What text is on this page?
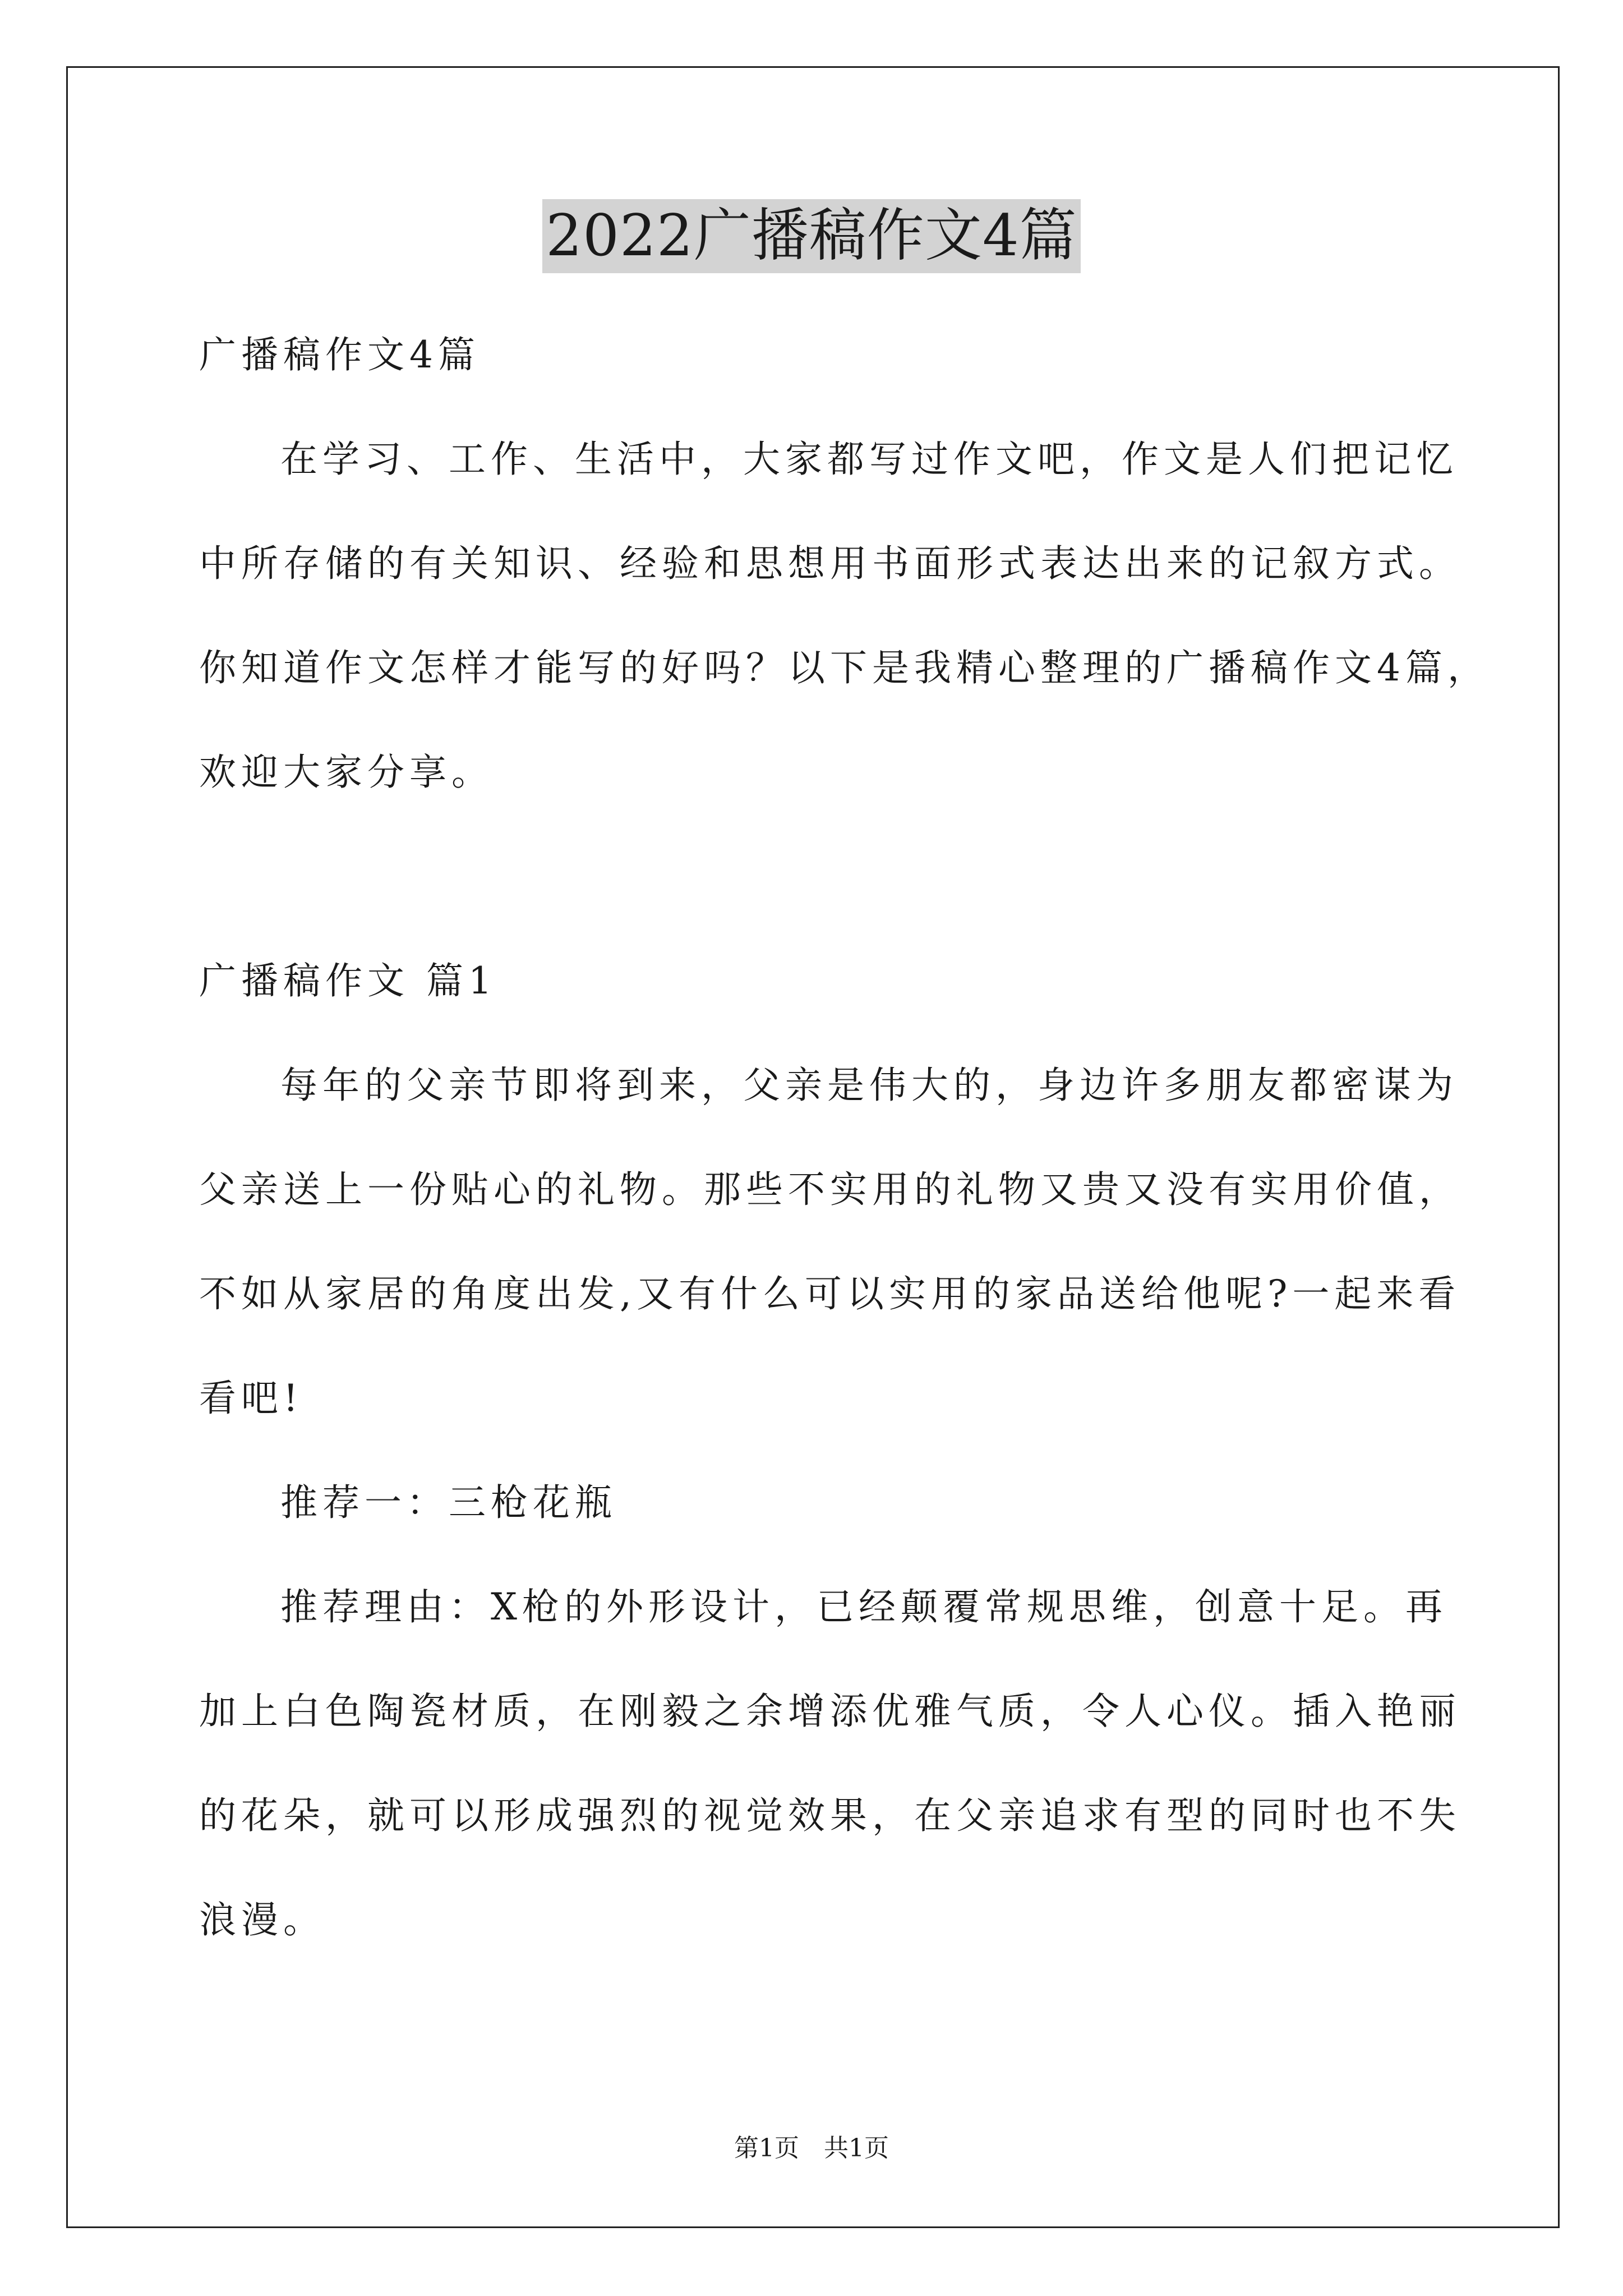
2022广播稿作文4篇
广播稿作文4篇
在学习、工作、生活中，大家都写过作文吧，作文是人们把记忆
中所存储的有关知识、经验和思想用书面形式表达出来的记叙方式。
你知道作文怎样才能写的好吗？以下是我精心整理的广播稿作文4篇，
欢迎大家分享。
广播稿作文 篇1
每年的父亲节即将到来，父亲是伟大的，身边许多朋友都密谋为
父亲送上一份贴心的礼物。那些不实用的礼物又贵又没有实用价值，
不如从家居的角度出发,又有什么可以实用的家品送给他呢?一起来看
看吧!
推荐一：三枪花瓶
推荐理由：X枪的外形设计，已经颠覆常规思维，创意十足。再
加上白色陶瓷材质，在刚毅之余增添优雅气质，令人心仪。插入艳丽
的花朵，就可以形成强烈的视觉效果，在父亲追求有型的同时也不失
浪漫。
第1页　共1页
